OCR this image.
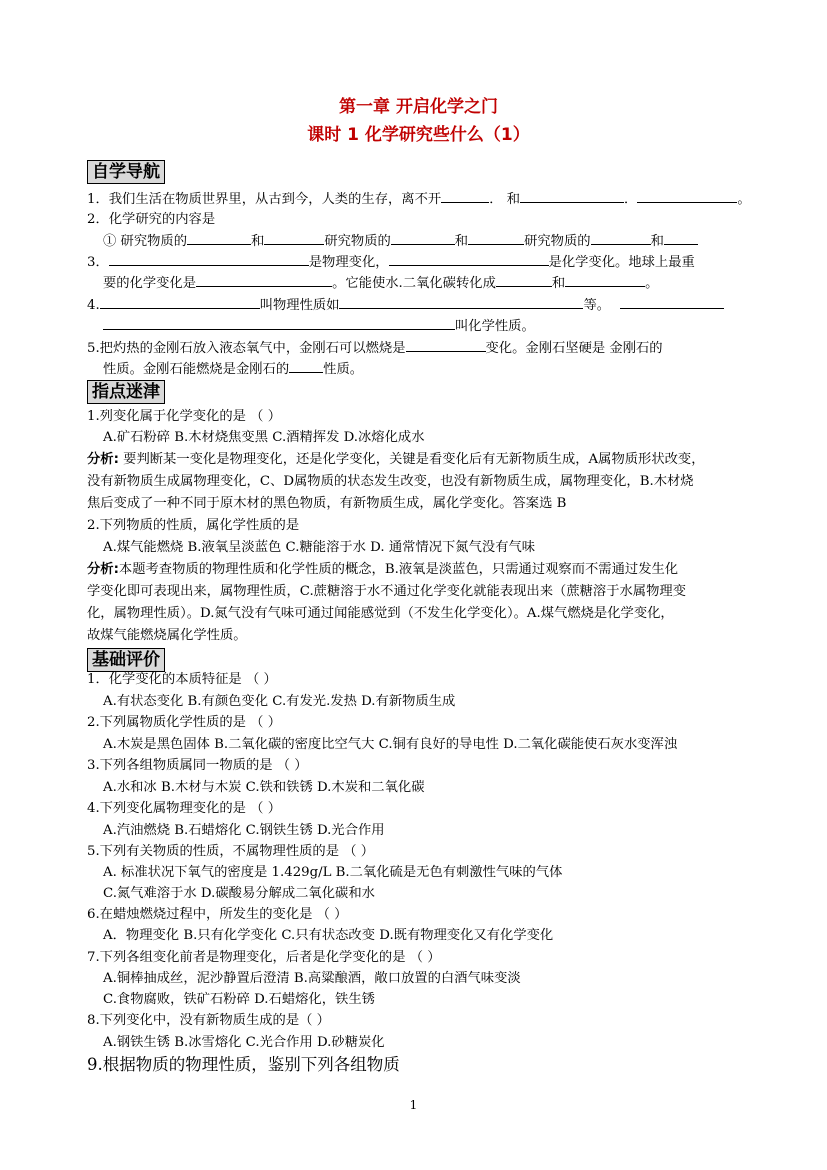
第一章 开启化学之门
课时 1 化学研究些什么（1）
自学导航
1．我们生活在物质世界里，从古到今，人类的生存，离不开	． 和	．	。
2．化学研究的内容是
① 研究物质的	和	研究物质的	和	研究物质的	和
3．	是物理变化，	是化学变化。地球上最重
要的化学变化是	。它能使水.二氧化碳转化成	和	。
4.	叫物理性质如	等。
叫化学性质。
5.把灼热的金刚石放入液态氧气中，金刚石可以燃烧是	变化。金刚石坚硬是 金刚石的
性质。金刚石能燃烧是金刚石的	性质。
指点迷津
1.列变化属于化学变化的是 （ ）
A.矿石粉碎 B.木材烧焦变黑 C.酒精挥发 D.冰熔化成水
分析: 要判断某一变化是物理变化，还是化学变化，关键是看变化后有无新物质生成，A属物质形状改变，
没有新物质生成属物理变化，C、D属物质的状态发生改变，也没有新物质生成，属物理变化，B.木材烧
焦后变成了一种不同于原木材的黑色物质，有新物质生成，属化学变化。答案选 B
2.下列物质的性质，属化学性质的是
A.煤气能燃烧 B.液氧呈淡蓝色 C.糖能溶于水 D. 通常情况下氮气没有气味
分析:本题考查物质的物理性质和化学性质的概念，B.液氧是淡蓝色，只需通过观察而不需通过发生化
学变化即可表现出来，属物理性质，C.蔗糖溶于水不通过化学变化就能表现出来（蔗糖溶于水属物理变
化，属物理性质）。D.氮气没有气味可通过闻能感觉到（不发生化学变化）。A.煤气燃烧是化学变化，
故煤气能燃烧属化学性质。
基础评价
1．化学变化的本质特征是 （ ）
A.有状态变化 B.有颜色变化 C.有发光.发热 D.有新物质生成
2.下列属物质化学性质的是 （ ）
A.木炭是黑色固体 B.二氧化碳的密度比空气大 C.铜有良好的导电性 D.二氧化碳能使石灰水变浑浊
3.下列各组物质属同一物质的是 （ ）
A.水和冰 B.木材与木炭 C.铁和铁锈 D.木炭和二氧化碳
4.下列变化属物理变化的是 （ ）
A.汽油燃烧 B.石蜡熔化 C.钢铁生锈 D.光合作用
5.下列有关物质的性质，不属物理性质的是 （ ）
A. 标准状况下氧气的密度是 1.429g/L B.二氧化硫是无色有刺激性气味的气体
C.氮气难溶于水 D.碳酸易分解成二氧化碳和水
6.在蜡烛燃烧过程中，所发生的变化是 （ ）
A．物理变化 B.只有化学变化 C.只有状态改变 D.既有物理变化又有化学变化
7.下列各组变化前者是物理变化，后者是化学变化的是 （ ）
A.铜棒抽成丝，泥沙静置后澄清 B.高粱酿酒，敞口放置的白酒气味变淡
C.食物腐败，铁矿石粉碎 D.石蜡熔化，铁生锈
8.下列变化中，没有新物质生成的是（ ）
A.钢铁生锈 B.冰雪熔化 C.光合作用 D.砂糖炭化
9.根据物质的物理性质，鉴别下列各组物质
1
